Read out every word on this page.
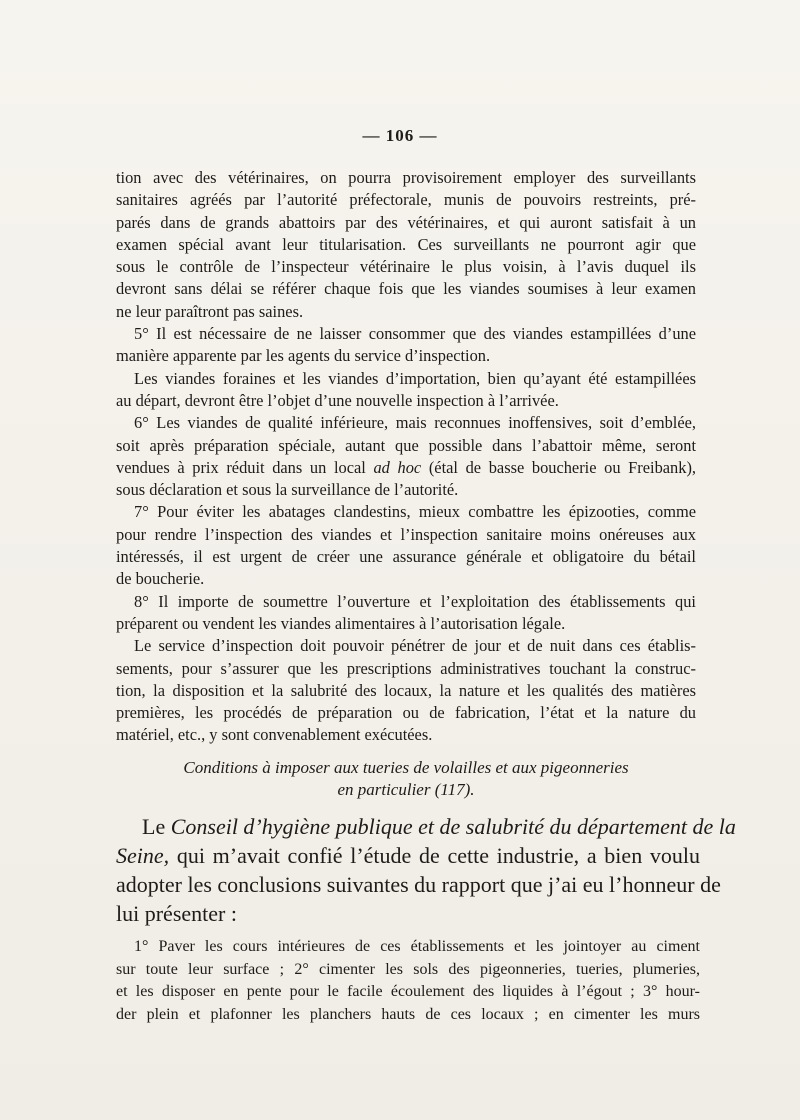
— 106 —
tion avec des vétérinaires, on pourra provisoirement employer des surveillants
sanitaires agréés par l’autorité préfectorale, munis de pouvoirs restreints, pré-
parés dans de grands abattoirs par des vétérinaires, et qui auront satisfait à un
examen spécial avant leur titularisation. Ces surveillants ne pourront agir que
sous le contrôle de l’inspecteur vétérinaire le plus voisin, à l’avis duquel ils
devront sans délai se référer chaque fois que les viandes soumises à leur examen
ne leur paraîtront pas saines.
5° Il est nécessaire de ne laisser consommer que des viandes estampillées d’une
manière apparente par les agents du service d’inspection.
Les viandes foraines et les viandes d’importation, bien qu’ayant été estampillées
au départ, devront être l’objet d’une nouvelle inspection à l’arrivée.
6° Les viandes de qualité inférieure, mais reconnues inoffensives, soit d’emblée,
soit après préparation spéciale, autant que possible dans l’abattoir même, seront
vendues à prix réduit dans un local ad hoc (étal de basse boucherie ou Freibank),
sous déclaration et sous la surveillance de l’autorité.
7° Pour éviter les abatages clandestins, mieux combattre les épizooties, comme
pour rendre l’inspection des viandes et l’inspection sanitaire moins onéreuses aux
intéressés, il est urgent de créer une assurance générale et obligatoire du bétail
de boucherie.
8° Il importe de soumettre l’ouverture et l’exploitation des établissements qui
préparent ou vendent les viandes alimentaires à l’autorisation légale.
Le service d’inspection doit pouvoir pénétrer de jour et de nuit dans ces établis-
sements, pour s’assurer que les prescriptions administratives touchant la construc-
tion, la disposition et la salubrité des locaux, la nature et les qualités des matières
premières, les procédés de préparation ou de fabrication, l’état et la nature du
matériel, etc., y sont convenablement exécutées.
Conditions à imposer aux tueries de volailles et aux pigeonneries
en particulier (117).
Le Conseil d’hygiène publique et de salubrité du département de la
Seine, qui m’avait confié l’étude de cette industrie, a bien voulu
adopter les conclusions suivantes du rapport que j’ai eu l’honneur de
lui présenter :
1° Paver les cours intérieures de ces établissements et les jointoyer au ciment
sur toute leur surface ; 2° cimenter les sols des pigeonneries, tueries, plumeries,
et les disposer en pente pour le facile écoulement des liquides à l’égout ; 3° hour-
der plein et plafonner les planchers hauts de ces locaux ; en cimenter les murs
